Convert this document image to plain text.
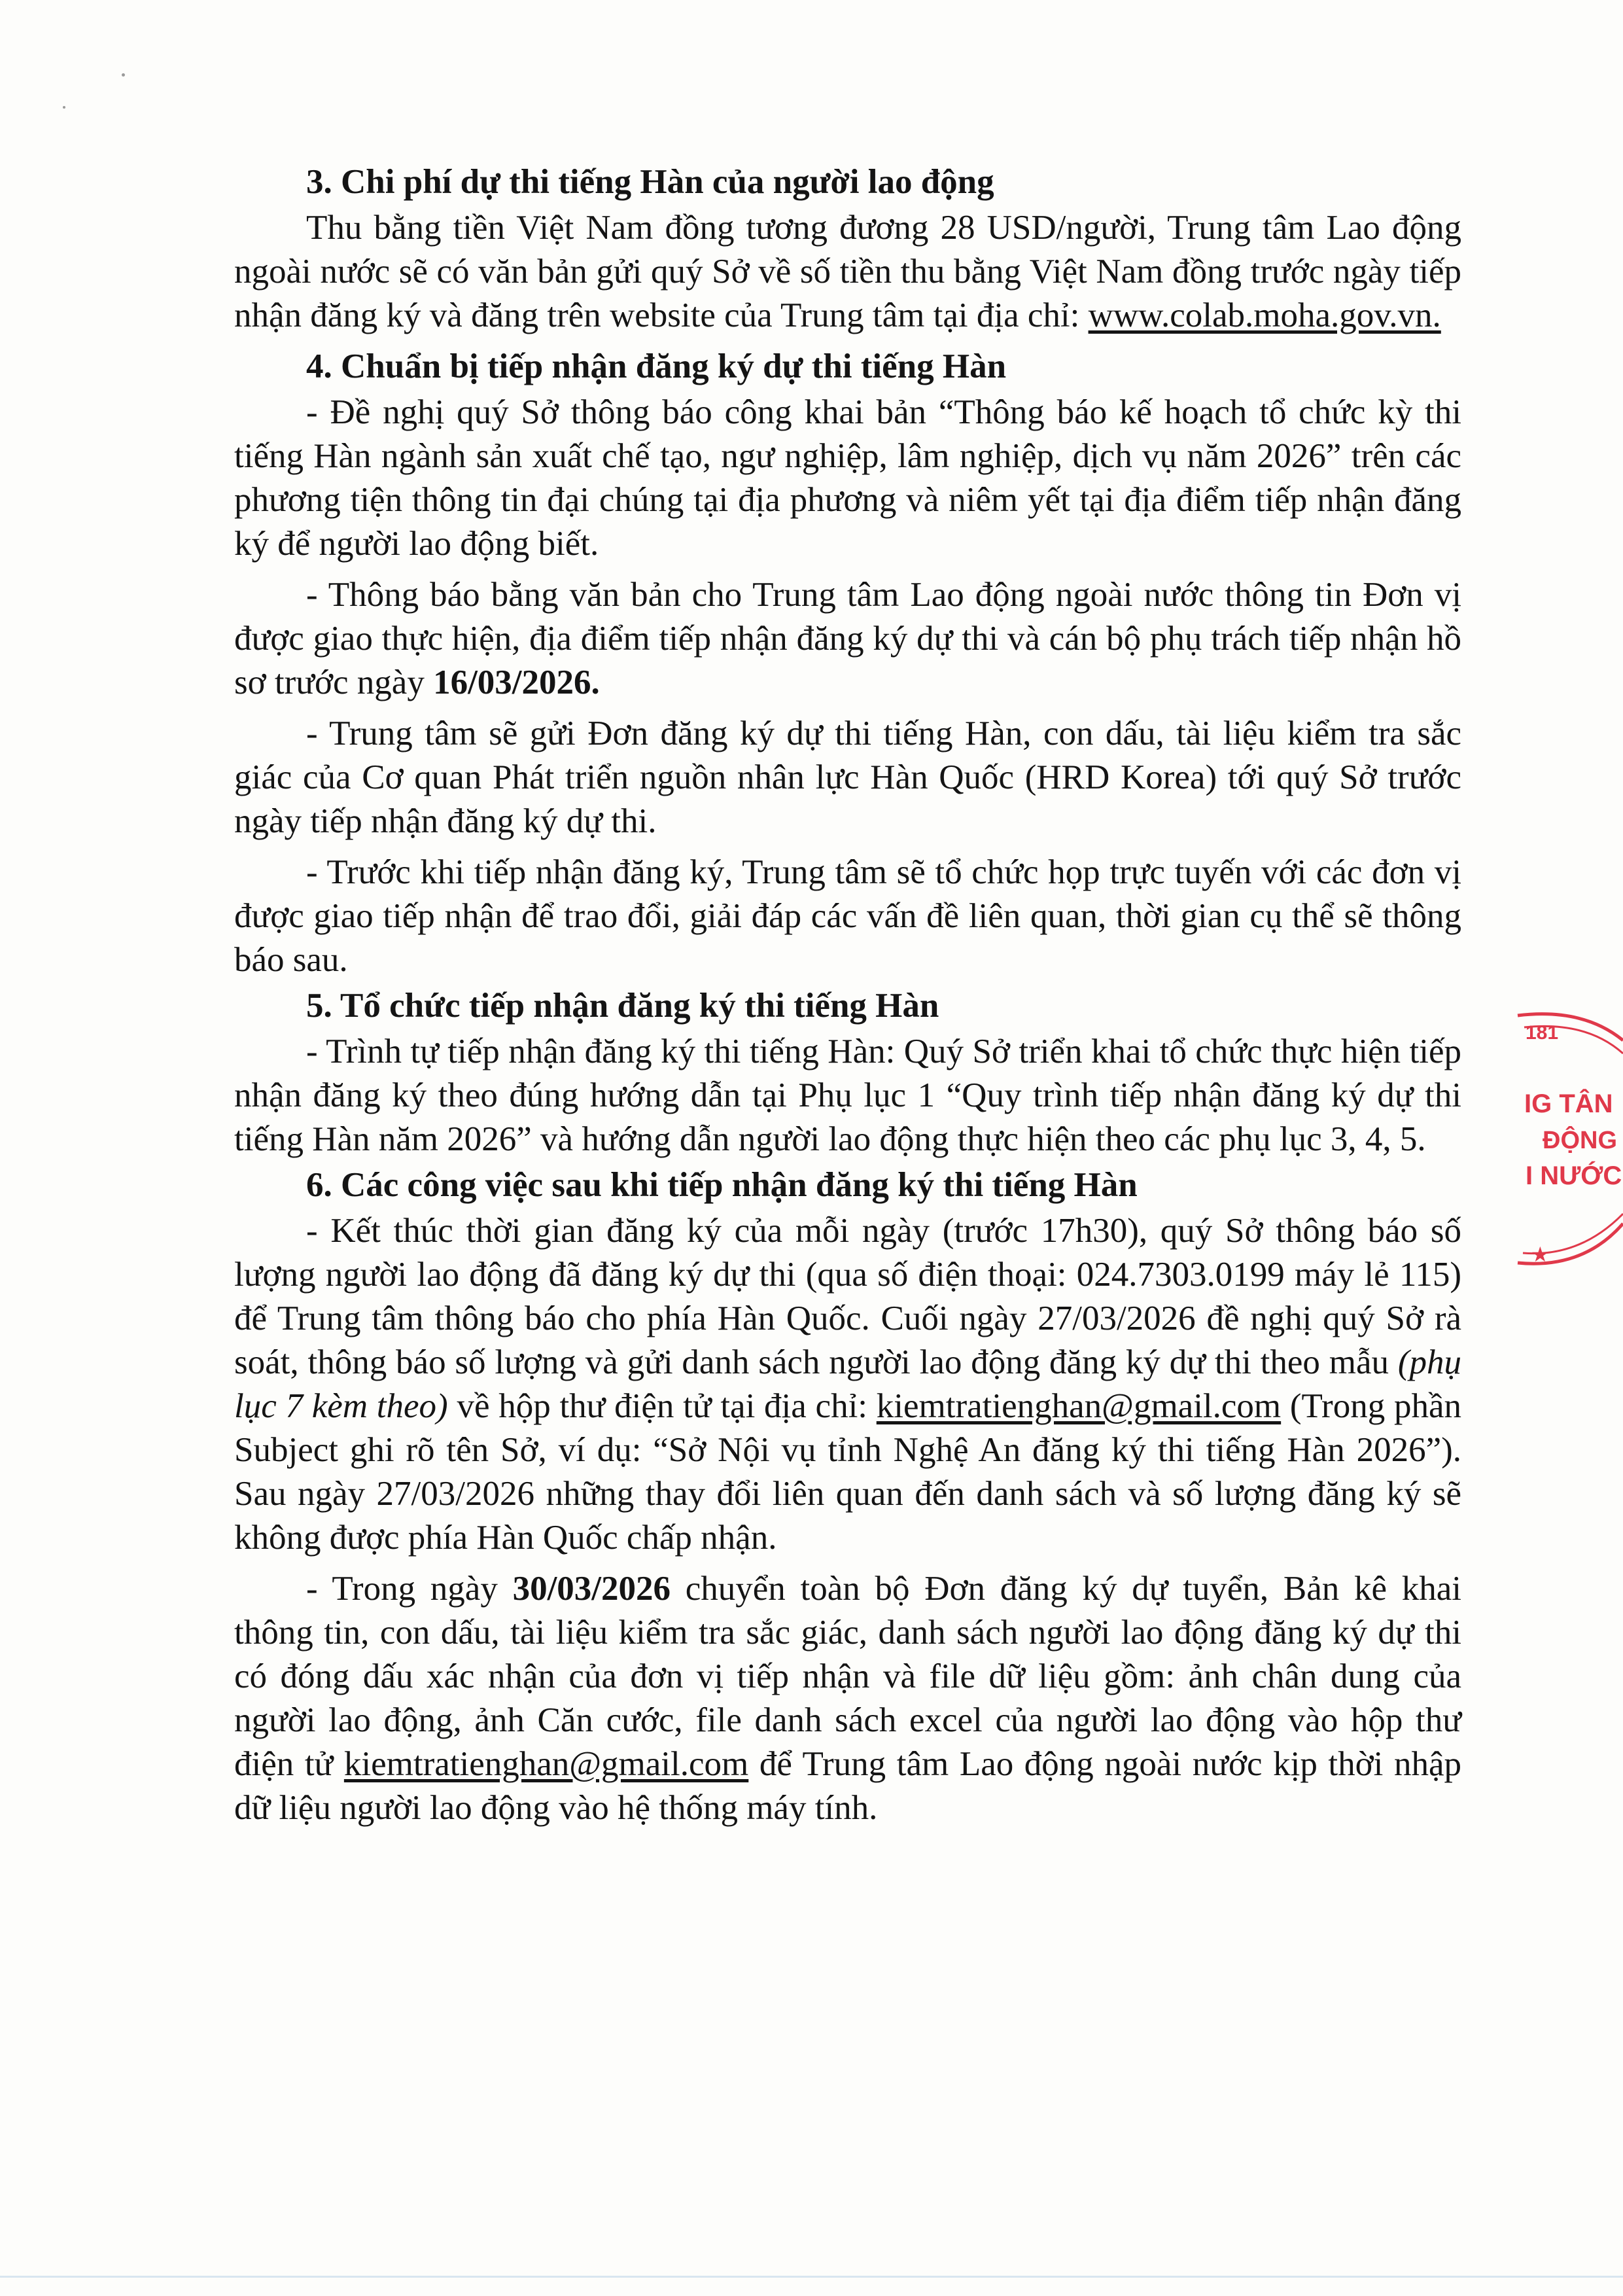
3. Chi phí dự thi tiếng Hàn của người lao động
Thu bằng tiền Việt Nam đồng tương đương 28 USD/người, Trung tâm Lao động ngoài nước sẽ có văn bản gửi quý Sở về số tiền thu bằng Việt Nam đồng trước ngày tiếp nhận đăng ký và đăng trên website của Trung tâm tại địa chỉ: www.colab.moha.gov.vn.
4. Chuẩn bị tiếp nhận đăng ký dự thi tiếng Hàn
- Đề nghị quý Sở thông báo công khai bản “Thông báo kế hoạch tổ chức kỳ thi tiếng Hàn ngành sản xuất chế tạo, ngư nghiệp, lâm nghiệp, dịch vụ năm 2026” trên các phương tiện thông tin đại chúng tại địa phương và niêm yết tại địa điểm tiếp nhận đăng ký để người lao động biết.
- Thông báo bằng văn bản cho Trung tâm Lao động ngoài nước thông tin Đơn vị được giao thực hiện, địa điểm tiếp nhận đăng ký dự thi và cán bộ phụ trách tiếp nhận hồ sơ trước ngày 16/03/2026.
- Trung tâm sẽ gửi Đơn đăng ký dự thi tiếng Hàn, con dấu, tài liệu kiểm tra sắc giác của Cơ quan Phát triển nguồn nhân lực Hàn Quốc (HRD Korea) tới quý Sở trước ngày tiếp nhận đăng ký dự thi.
- Trước khi tiếp nhận đăng ký, Trung tâm sẽ tổ chức họp trực tuyến với các đơn vị được giao tiếp nhận để trao đổi, giải đáp các vấn đề liên quan, thời gian cụ thể sẽ thông báo sau.
5. Tổ chức tiếp nhận đăng ký thi tiếng Hàn
- Trình tự tiếp nhận đăng ký thi tiếng Hàn: Quý Sở triển khai tổ chức thực hiện tiếp nhận đăng ký theo đúng hướng dẫn tại Phụ lục 1 “Quy trình tiếp nhận đăng ký dự thi tiếng Hàn năm 2026” và hướng dẫn người lao động thực hiện theo các phụ lục 3, 4, 5.
6. Các công việc sau khi tiếp nhận đăng ký thi tiếng Hàn
- Kết thúc thời gian đăng ký của mỗi ngày (trước 17h30), quý Sở thông báo số lượng người lao động đã đăng ký dự thi (qua số điện thoại: 024.7303.0199 máy lẻ 115) để Trung tâm thông báo cho phía Hàn Quốc. Cuối ngày 27/03/2026 đề nghị quý Sở rà soát, thông báo số lượng và gửi danh sách người lao động đăng ký dự thi theo mẫu (phụ lục 7 kèm theo) về hộp thư điện tử tại địa chỉ: kiemtratienghan@gmail.com (Trong phần Subject ghi rõ tên Sở, ví dụ: “Sở Nội vụ tỉnh Nghệ An đăng ký thi tiếng Hàn 2026”). Sau ngày 27/03/2026 những thay đổi liên quan đến danh sách và số lượng đăng ký sẽ không được phía Hàn Quốc chấp nhận.
- Trong ngày 30/03/2026 chuyển toàn bộ Đơn đăng ký dự tuyển, Bản kê khai thông tin, con dấu, tài liệu kiểm tra sắc giác, danh sách người lao động đăng ký dự thi có đóng dấu xác nhận của đơn vị tiếp nhận và file dữ liệu gồm: ảnh chân dung của người lao động, ảnh Căn cước, file danh sách excel của người lao động vào hộp thư điện tử kiemtratienghan@gmail.com để Trung tâm Lao động ngoài nước kịp thời nhập dữ liệu người lao động vào hệ thống máy tính.
181
IG TÂN
ĐỘNG
I NƯỚC
★
